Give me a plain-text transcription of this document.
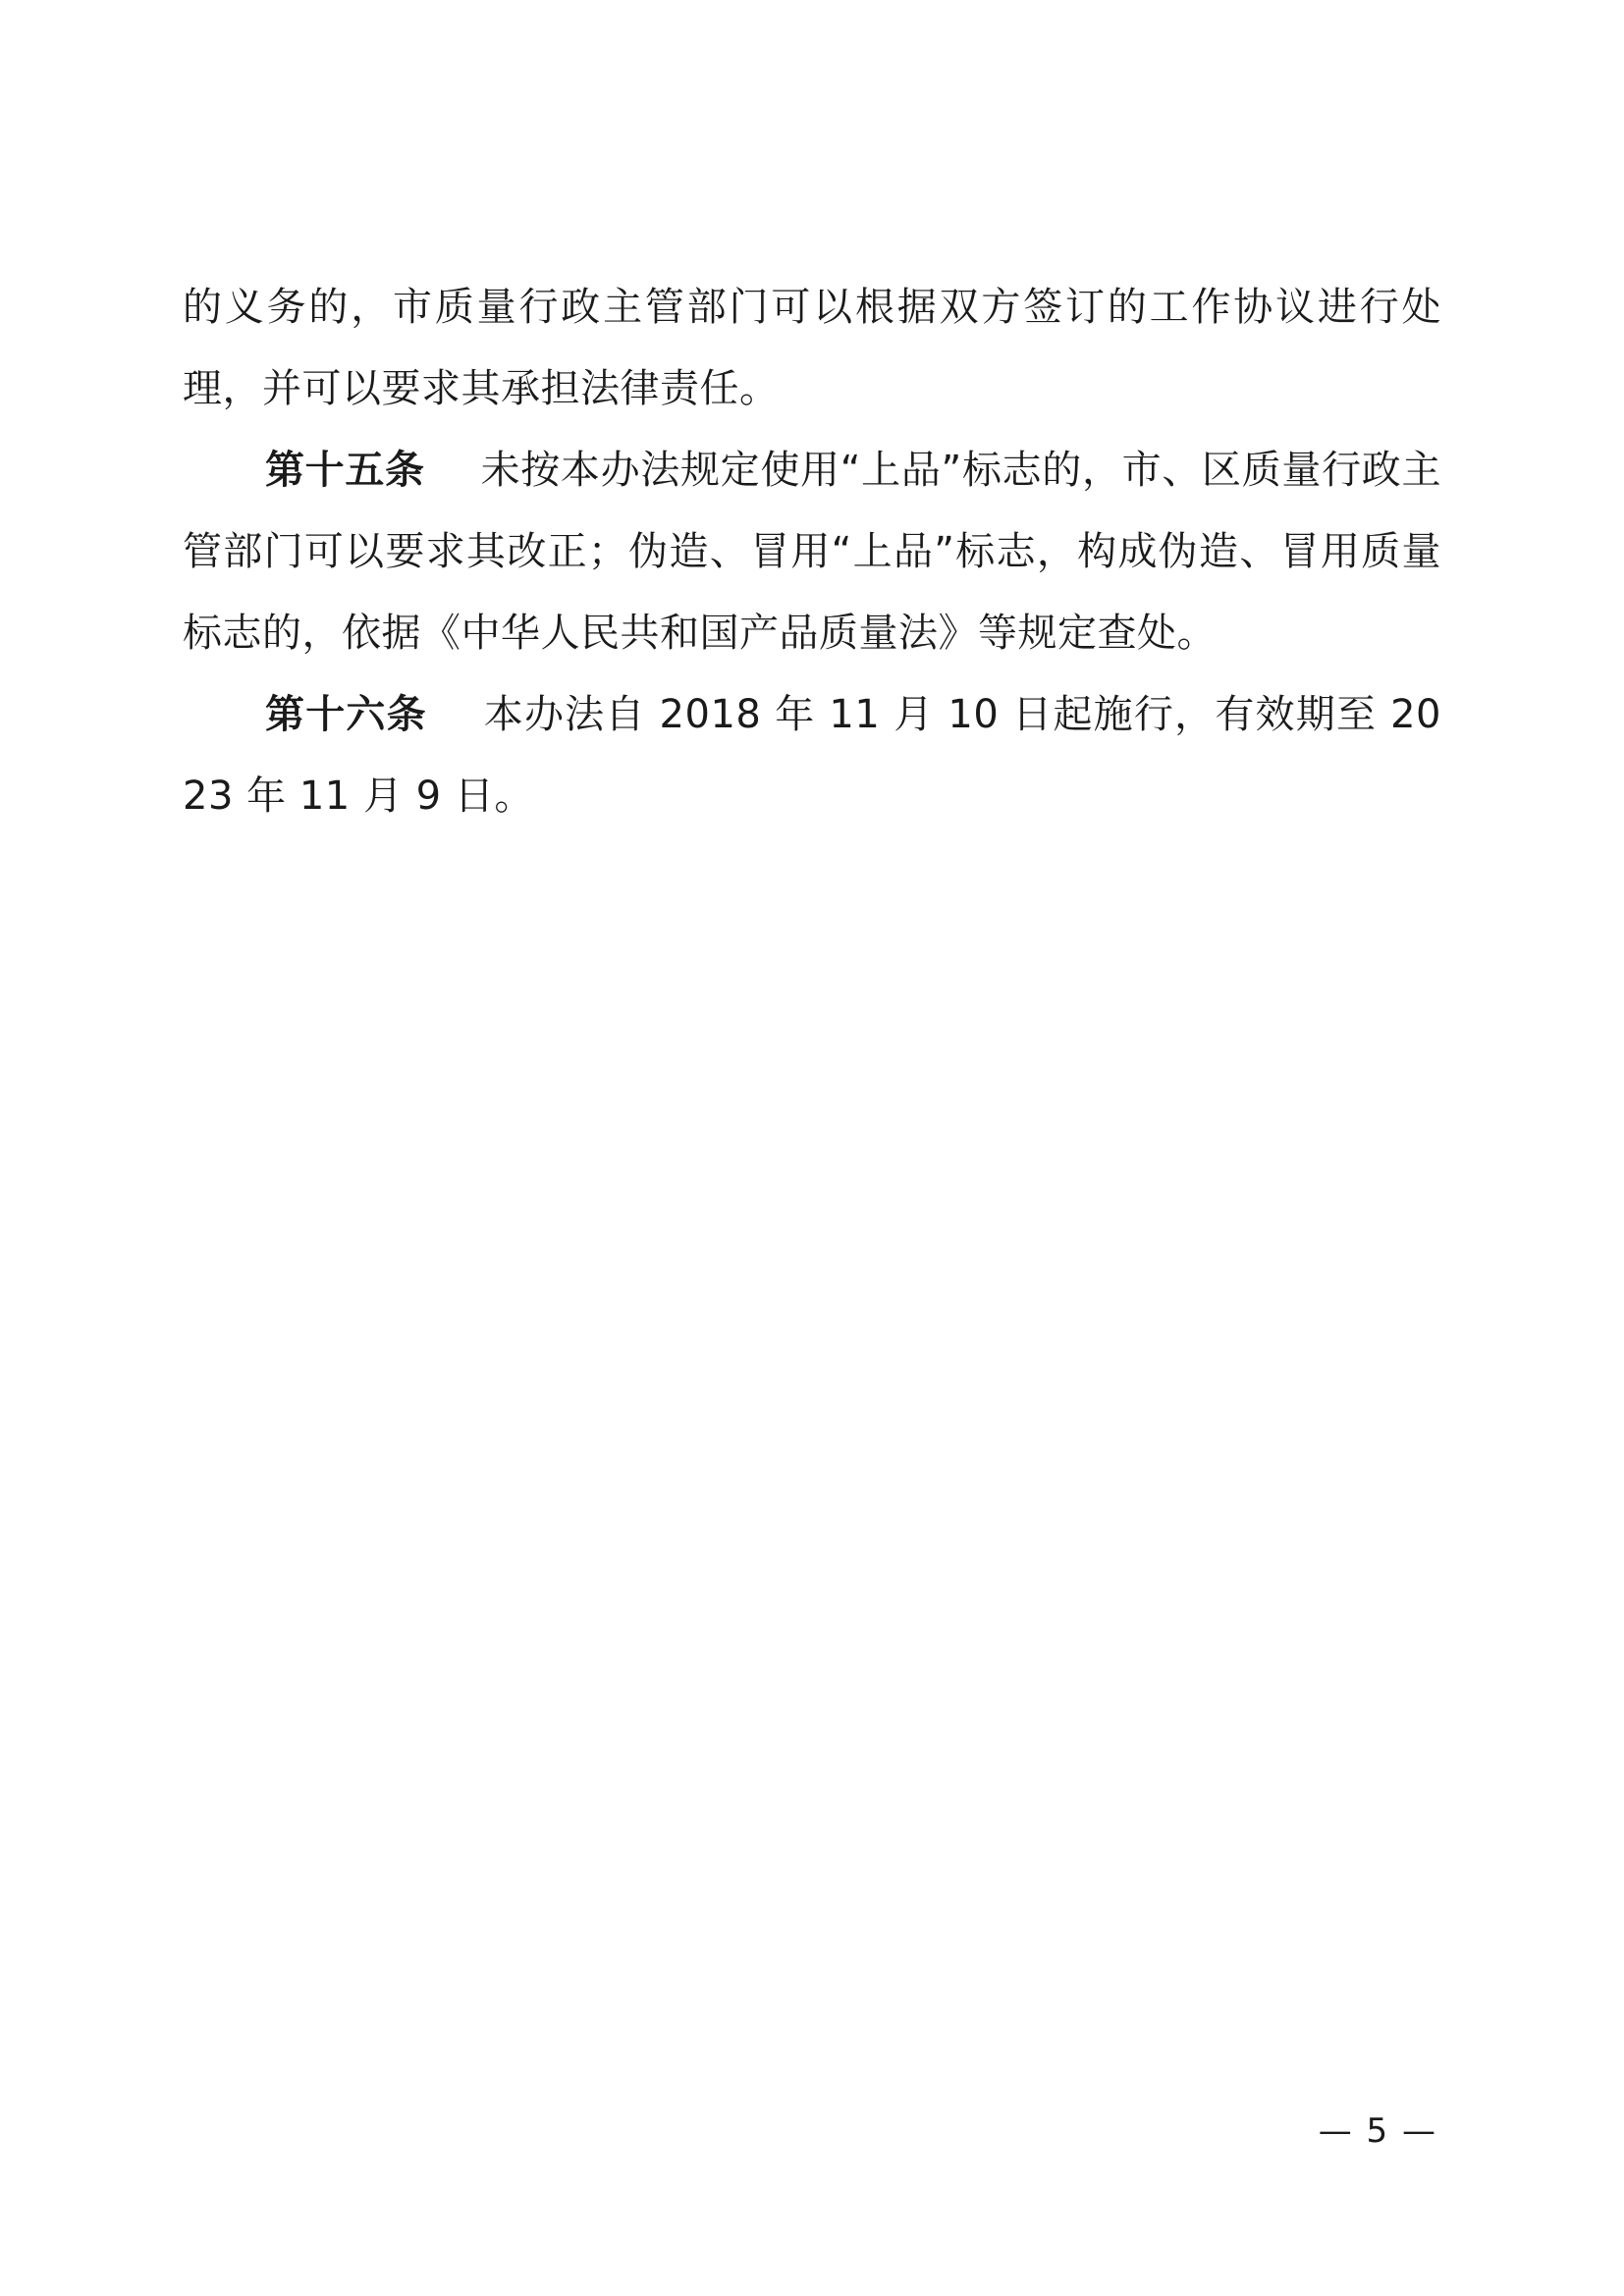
的义务的，市质量行政主管部门可以根据双方签订的工作协议进行处理，并可以要求其承担法律责任。

第十五条 未按本办法规定使用“上品”标志的，市、区质量行政主管部门可以要求其改正；伪造、冒用“上品”标志，构成伪造、冒用质量标志的，依据《中华人民共和国产品质量法》等规定查处。

第十六条 本办法自 2018 年 11 月 10 日起施行，有效期至 2023 年 11 月 9 日。

— 5 —
